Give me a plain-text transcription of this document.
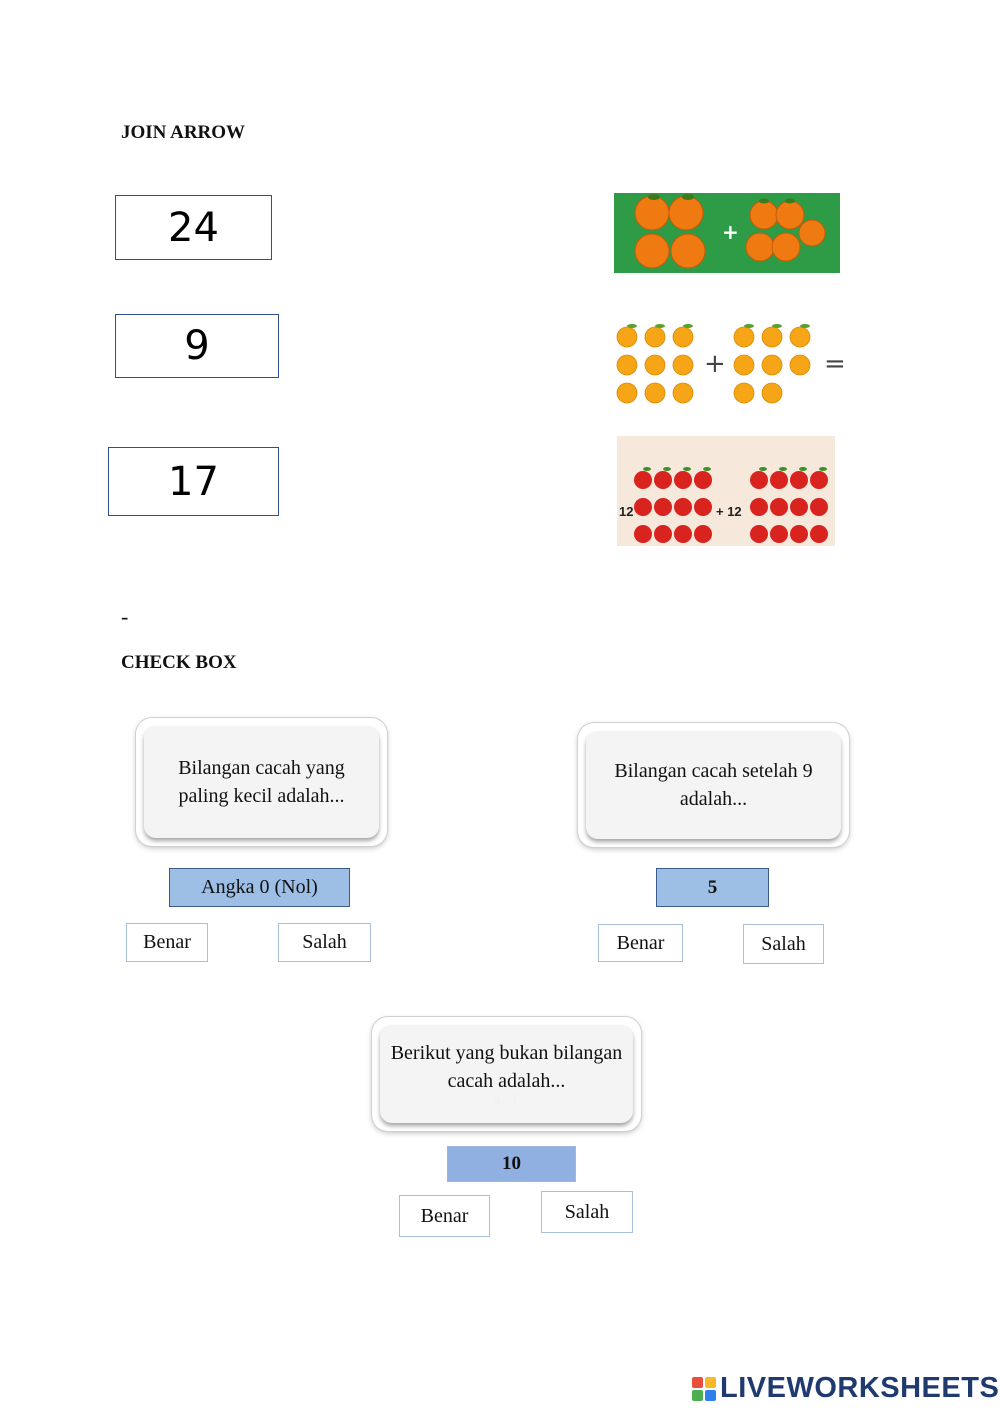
JOIN ARROW
24
9
17
+
+	=
12	+ 12
-
CHECK BOX
Bilangan cacah yang paling kecil adalah...
Angka 0 (Nol)
Benar	Salah
Bilangan cacah setelah 9 adalah...
5
Benar	Salah
Berikut yang bukan bilangan cacah adalah...
a. 3
10
Benar	Salah
LIVEWORKSHEETS
